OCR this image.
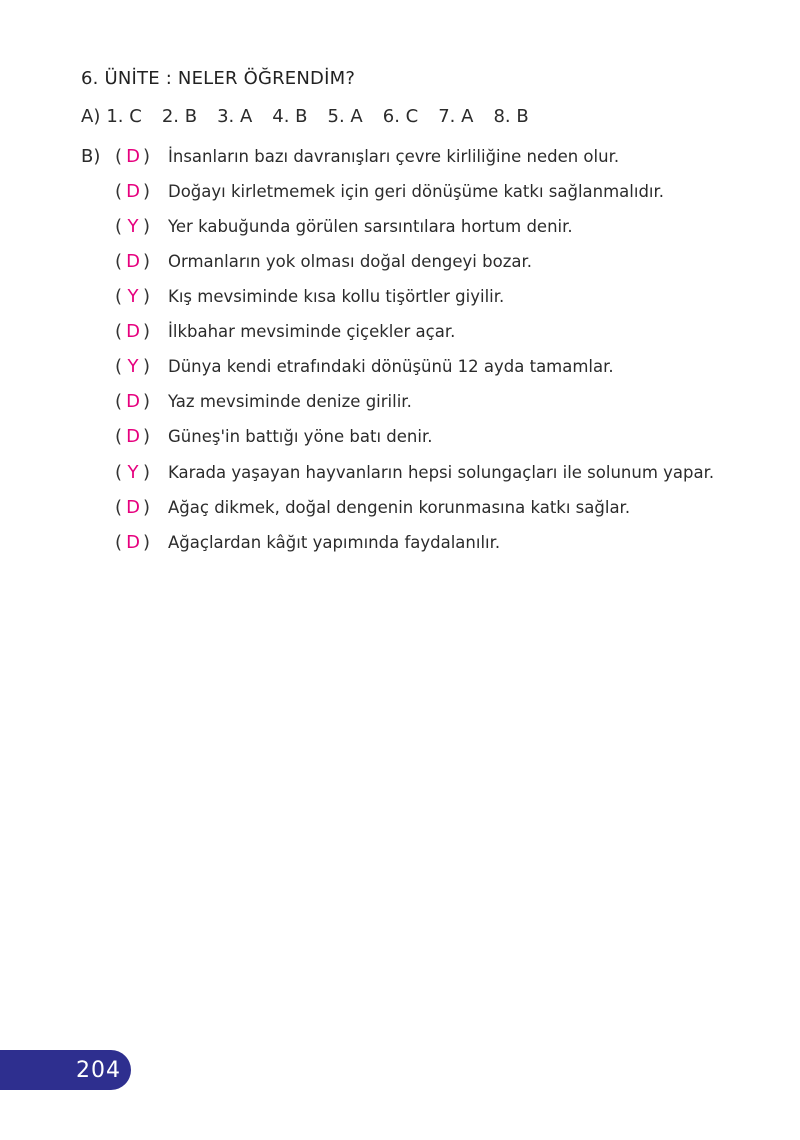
6. ÜNİTE : NELER ÖĞRENDİM?
A) 1. C 2. B 3. A 4. B 5. A 6. C 7. A 8. B
B) ( D ) İnsanların bazı davranışları çevre kirliliğine neden olur.
( D ) Doğayı kirletmemek için geri dönüşüme katkı sağlanmalıdır.
( Y ) Yer kabuğunda görülen sarsıntılara hortum denir.
( D ) Ormanların yok olması doğal dengeyi bozar.
( Y ) Kış mevsiminde kısa kollu tişörtler giyilir.
( D ) İlkbahar mevsiminde çiçekler açar.
( Y ) Dünya kendi etrafındaki dönüşünü 12 ayda tamamlar.
( D ) Yaz mevsiminde denize girilir.
( D ) Güneş'in battığı yöne batı denir.
( Y ) Karada yaşayan hayvanların hepsi solungaçları ile solunum yapar.
( D ) Ağaç dikmek, doğal dengenin korunmasına katkı sağlar.
( D ) Ağaçlardan kâğıt yapımında faydalanılır.
204
